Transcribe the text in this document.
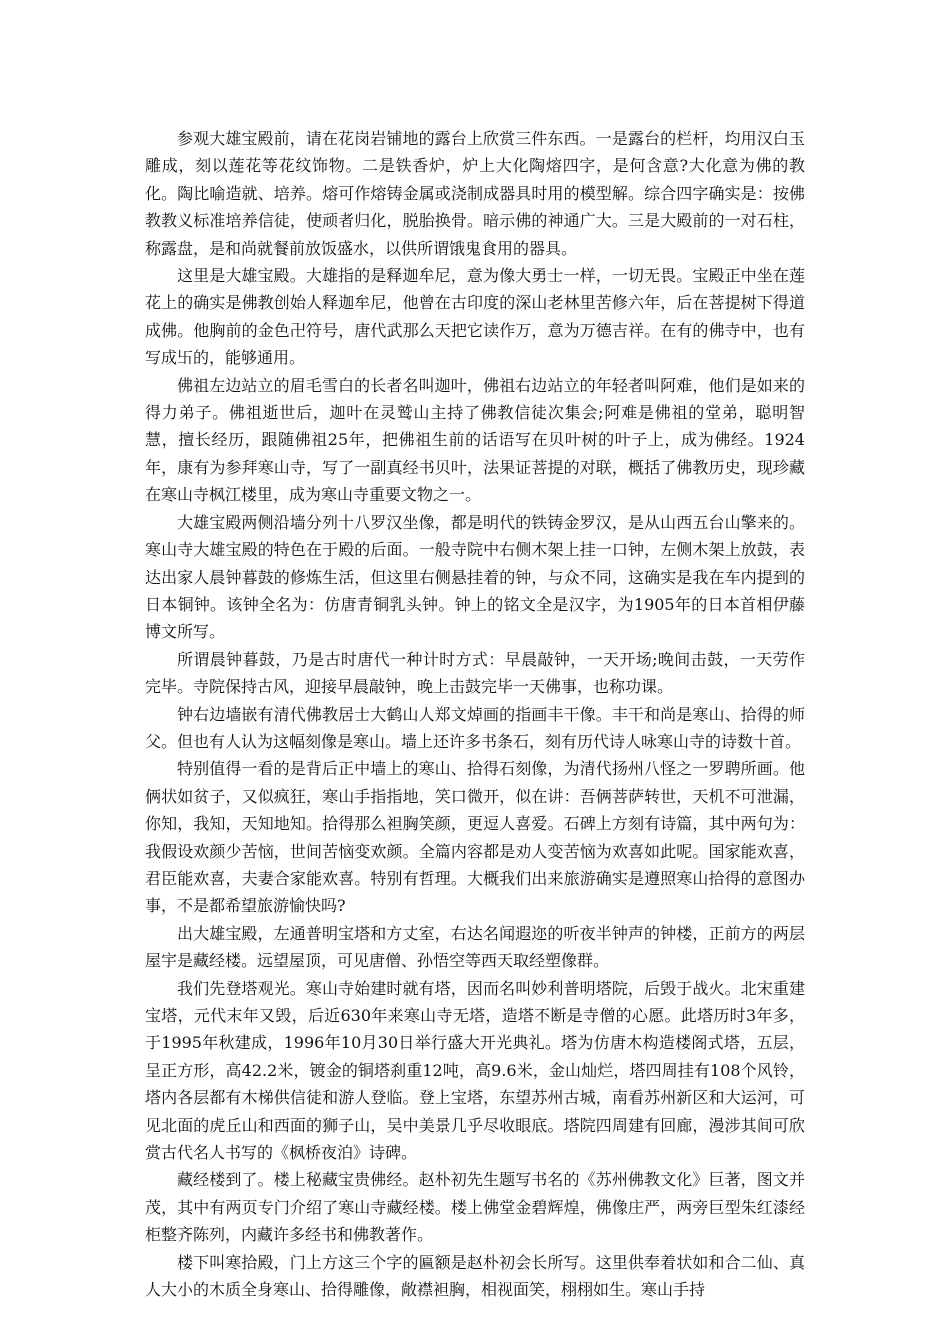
参观大雄宝殿前，请在花岗岩铺地的露台上欣赏三件东西。一是露台的栏杆，均用汉白玉雕成，刻以莲花等花纹饰物。二是铁香炉，炉上大化陶熔四字，是何含意?大化意为佛的教化。陶比喻造就、培养。熔可作熔铸金属或浇制成器具时用的模型解。综合四字确实是：按佛教教义标准培养信徒，使顽者归化，脱胎换骨。暗示佛的神通广大。三是大殿前的一对石柱，称露盘，是和尚就餐前放饭盛水，以供所谓饿鬼食用的器具。

这里是大雄宝殿。大雄指的是释迦牟尼，意为像大勇士一样，一切无畏。宝殿正中坐在莲花上的确实是佛教创始人释迦牟尼，他曾在古印度的深山老林里苦修六年，后在菩提树下得道成佛。他胸前的金色卍符号，唐代武那么天把它读作万，意为万德吉祥。在有的佛寺中，也有写成卐的，能够通用。

佛祖左边站立的眉毛雪白的长者名叫迦叶，佛祖右边站立的年轻者叫阿难，他们是如来的得力弟子。佛祖逝世后，迦叶在灵鹫山主持了佛教信徒次集会;阿难是佛祖的堂弟，聪明智慧，擅长经历，跟随佛祖25年，把佛祖生前的话语写在贝叶树的叶子上，成为佛经。1924年，康有为参拜寒山寺，写了一副真经书贝叶，法果证菩提的对联，概括了佛教历史，现珍藏在寒山寺枫江楼里，成为寒山寺重要文物之一。

大雄宝殿两侧沿墙分列十八罗汉坐像，都是明代的铁铸金罗汉，是从山西五台山擎来的。寒山寺大雄宝殿的特色在于殿的后面。一般寺院中右侧木架上挂一口钟，左侧木架上放鼓，表达出家人晨钟暮鼓的修炼生活，但这里右侧悬挂着的钟，与众不同，这确实是我在车内提到的日本铜钟。该钟全名为：仿唐青铜乳头钟。钟上的铭文全是汉字，为1905年的日本首相伊藤博文所写。

所谓晨钟暮鼓，乃是古时唐代一种计时方式：早晨敲钟，一天开场;晚间击鼓，一天劳作完毕。寺院保持古风，迎接早晨敲钟，晚上击鼓完毕一天佛事，也称功课。

钟右边墙嵌有清代佛教居士大鹤山人郑文焯画的指画丰干像。丰干和尚是寒山、拾得的师父。但也有人认为这幅刻像是寒山。墙上还许多书条石，刻有历代诗人咏寒山寺的诗数十首。

特别值得一看的是背后正中墙上的寒山、拾得石刻像，为清代扬州八怪之一罗聘所画。他俩状如贫子，又似疯狂，寒山手指指地，笑口微开，似在讲：吾俩菩萨转世，天机不可泄漏，你知，我知，天知地知。拾得那么袒胸笑颜，更逗人喜爱。石碑上方刻有诗篇，其中两句为：我假设欢颜少苦恼，世间苦恼变欢颜。全篇内容都是劝人变苦恼为欢喜如此呢。国家能欢喜，君臣能欢喜，夫妻合家能欢喜。特别有哲理。大概我们出来旅游确实是遵照寒山拾得的意图办事，不是都希望旅游愉快吗?

出大雄宝殿，左通普明宝塔和方丈室，右达名闻遐迩的听夜半钟声的钟楼，正前方的两层屋宇是藏经楼。远望屋顶，可见唐僧、孙悟空等西天取经塑像群。

我们先登塔观光。寒山寺始建时就有塔，因而名叫妙利普明塔院，后毁于战火。北宋重建宝塔，元代末年又毁，后近630年来寒山寺无塔，造塔不断是寺僧的心愿。此塔历时3年多，于1995年秋建成，1996年10月30日举行盛大开光典礼。塔为仿唐木构造楼阁式塔，五层，呈正方形，高42.2米，镀金的铜塔刹重12吨，高9.6米，金山灿烂，塔四周挂有108个风铃，塔内各层都有木梯供信徒和游人登临。登上宝塔，东望苏州古城，南看苏州新区和大运河，可见北面的虎丘山和西面的狮子山，吴中美景几乎尽收眼底。塔院四周建有回廊，漫涉其间可欣赏古代名人书写的《枫桥夜泊》诗碑。

藏经楼到了。楼上秘藏宝贵佛经。赵朴初先生题写书名的《苏州佛教文化》巨著，图文并茂，其中有两页专门介绍了寒山寺藏经楼。楼上佛堂金碧辉煌，佛像庄严，两旁巨型朱红漆经柜整齐陈列，内藏许多经书和佛教著作。

楼下叫寒拾殿，门上方这三个字的匾额是赵朴初会长所写。这里供奉着状如和合二仙、真人大小的木质全身寒山、拾得雕像，敞襟袒胸，相视面笑，栩栩如生。寒山手持
